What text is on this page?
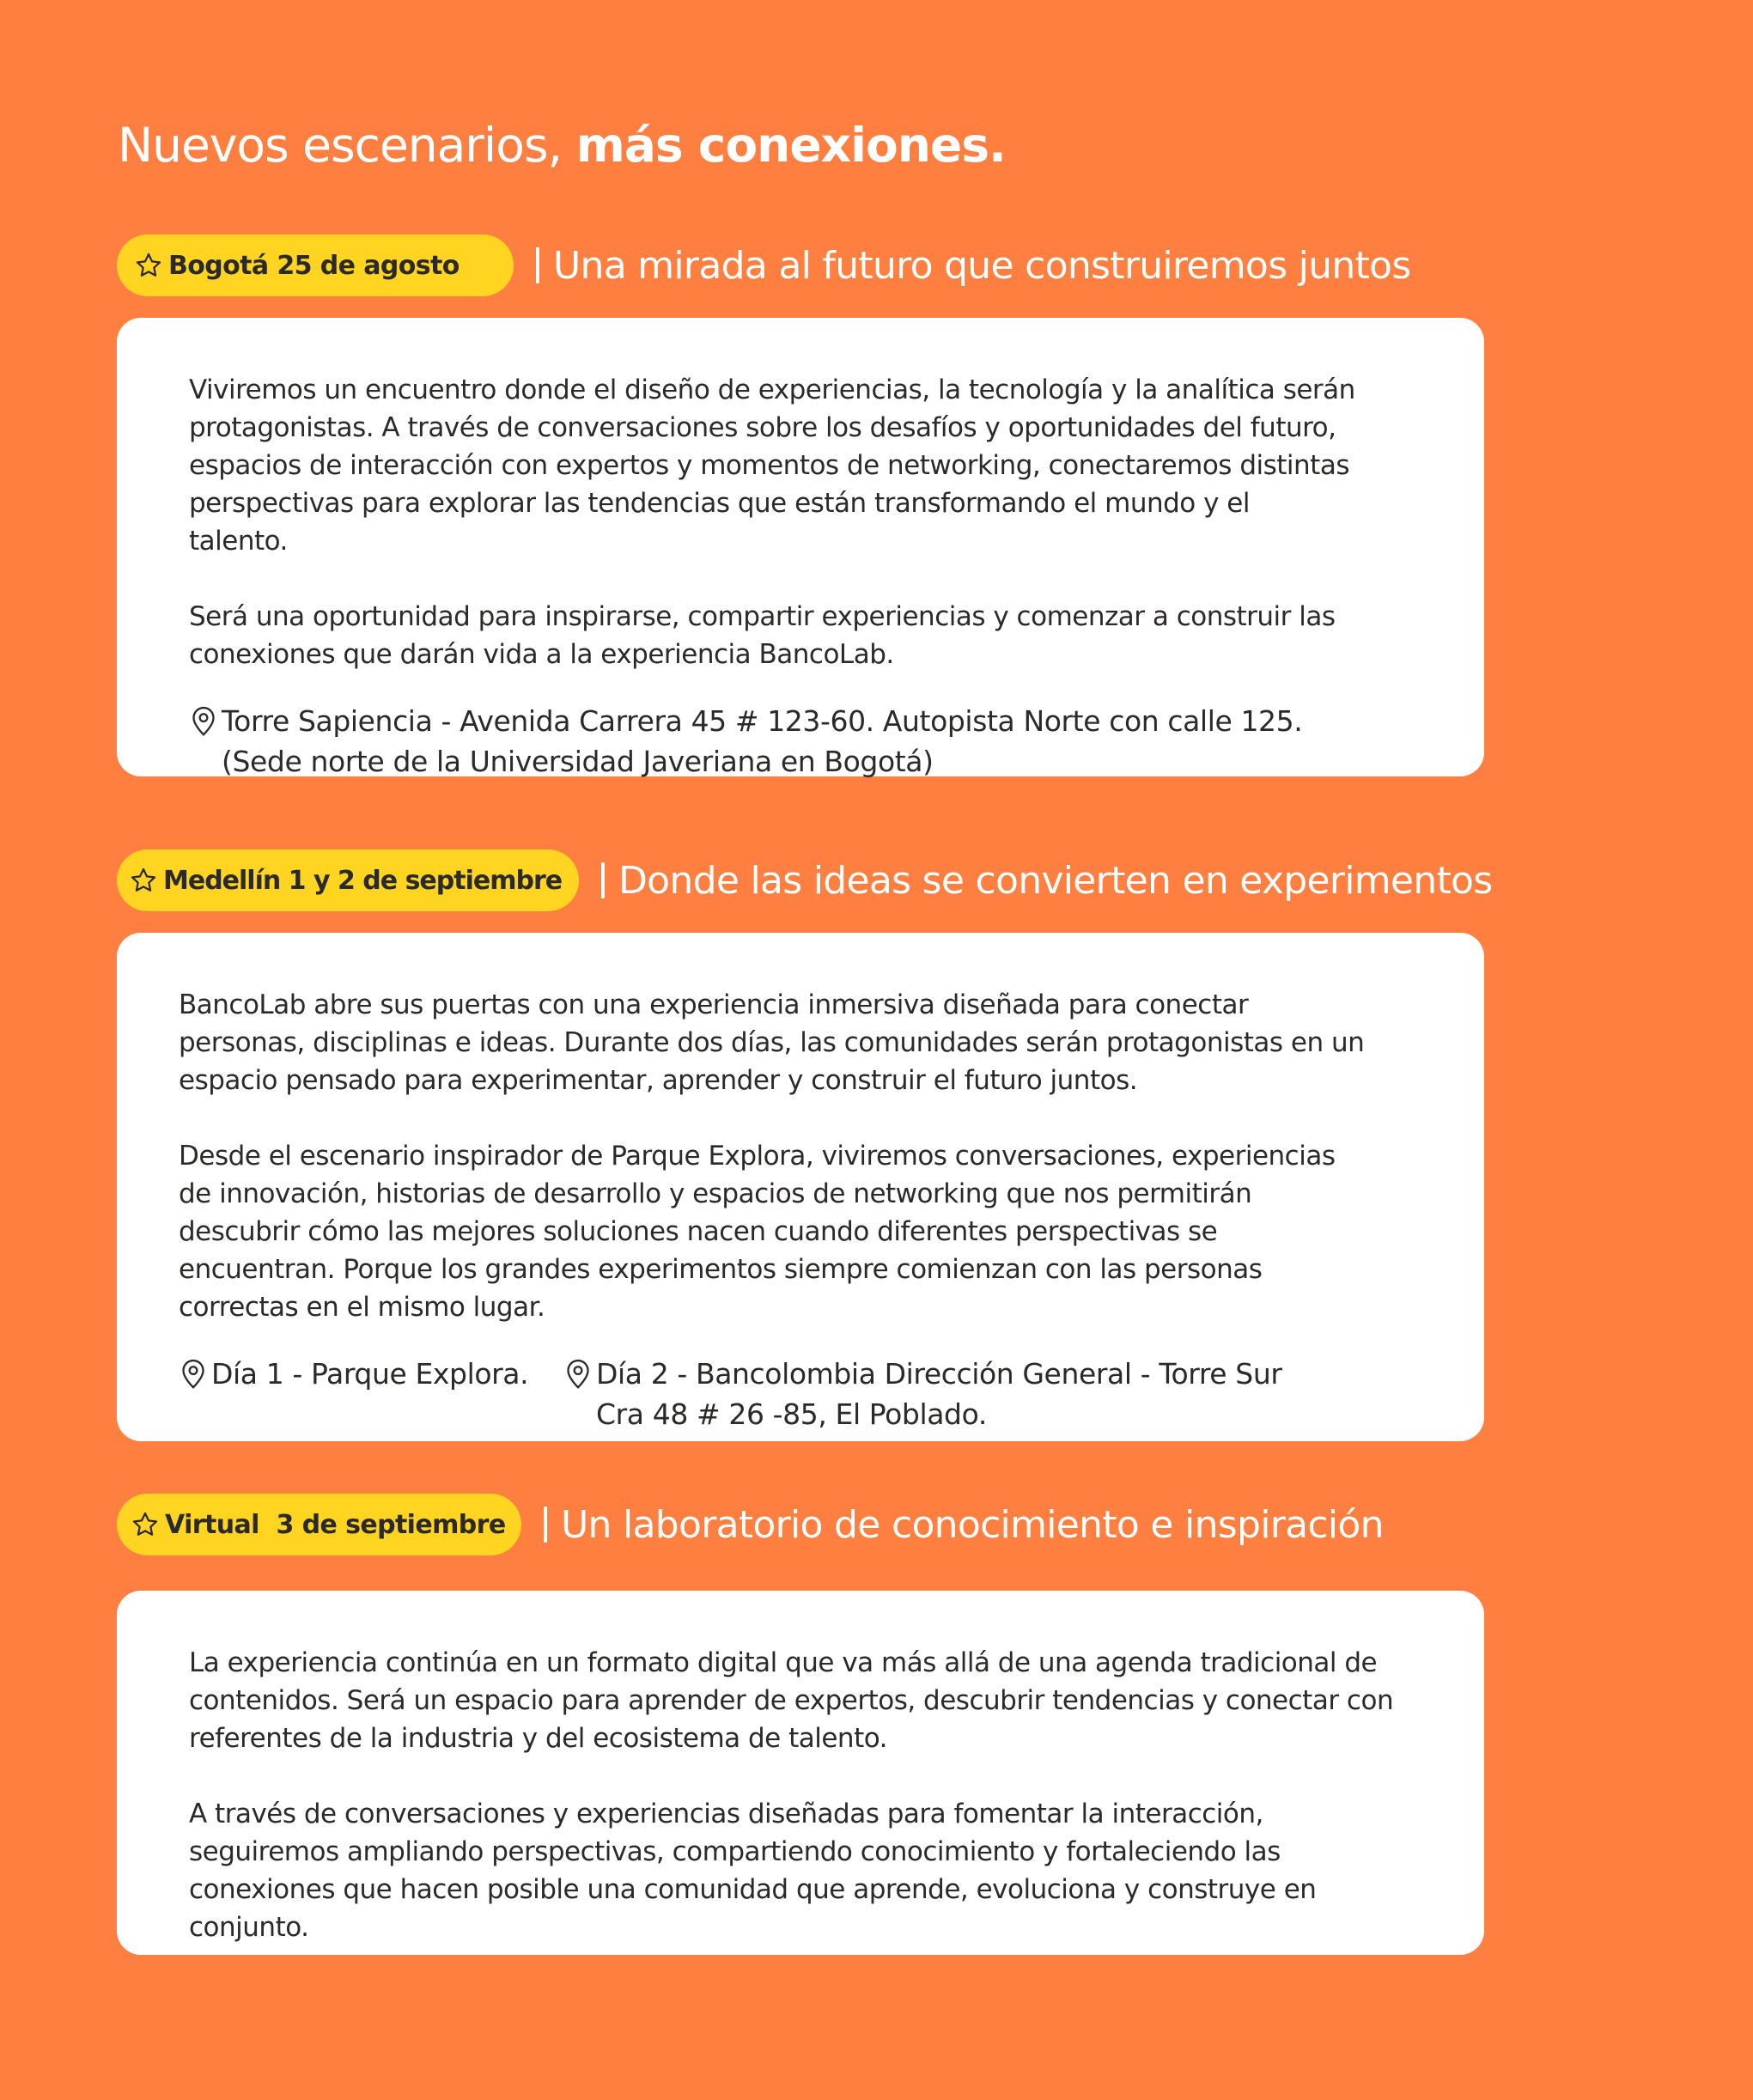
Nuevos escenarios, más conexiones.
Bogotá 25 de agosto	Una mirada al futuro que construiremos juntos

Viviremos un encuentro donde el diseño de experiencias, la tecnología y la analítica serán protagonistas. A través de conversaciones sobre los desafíos y oportunidades del futuro, espacios de interacción con expertos y momentos de networking, conectaremos distintas perspectivas para explorar las tendencias que están transformando el mundo y el talento.

Será una oportunidad para inspirarse, compartir experiencias y comenzar a construir las conexiones que darán vida a la experiencia BancoLab.

Torre Sapiencia - Avenida Carrera 45 # 123-60. Autopista Norte con calle 125.
(Sede norte de la Universidad Javeriana en Bogotá)
Medellín 1 y 2 de septiembre	Donde las ideas se convierten en experimentos

BancoLab abre sus puertas con una experiencia inmersiva diseñada para conectar personas, disciplinas e ideas. Durante dos días, las comunidades serán protagonistas en un espacio pensado para experimentar, aprender y construir el futuro juntos.

Desde el escenario inspirador de Parque Explora, viviremos conversaciones, experiencias de innovación, historias de desarrollo y espacios de networking que nos permitirán descubrir cómo las mejores soluciones nacen cuando diferentes perspectivas se encuentran. Porque los grandes experimentos siempre comienzan con las personas correctas en el mismo lugar.

Día 1 - Parque Explora.	Día 2 - Bancolombia Dirección General - Torre Sur
Cra 48 # 26 -85, El Poblado.
Virtual  3 de septiembre	Un laboratorio de conocimiento e inspiración

La experiencia continúa en un formato digital que va más allá de una agenda tradicional de contenidos. Será un espacio para aprender de expertos, descubrir tendencias y conectar con referentes de la industria y del ecosistema de talento.

A través de conversaciones y experiencias diseñadas para fomentar la interacción, seguiremos ampliando perspectivas, compartiendo conocimiento y fortaleciendo las conexiones que hacen posible una comunidad que aprende, evoluciona y construye en conjunto.
